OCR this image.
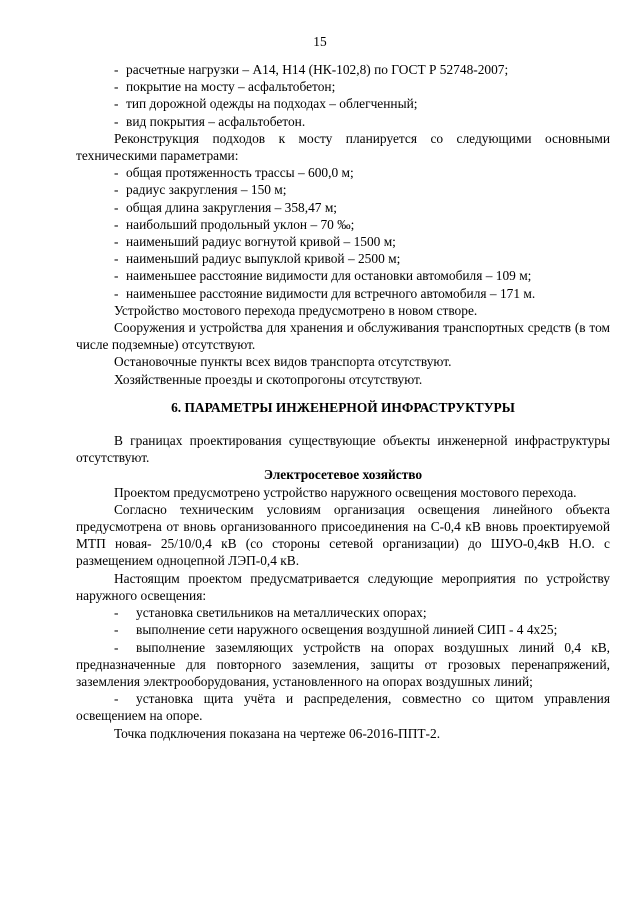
15

- расчетные нагрузки – А14, Н14 (НК-102,8) по ГОСТ Р 52748-2007;

- покрытие на мосту – асфальтобетон;

- тип дорожной одежды на подходах – облегченный;

- вид покрытия – асфальтобетон.

Реконструкция подходов к мосту планируется со следующими основными техническими параметрами:

- общая протяженность трассы – 600,0 м;

- радиус закругления – 150 м;

- общая длина закругления – 358,47 м;

- наибольший продольный уклон – 70 ‰;

- наименьший радиус вогнутой кривой – 1500 м;

- наименьший радиус выпуклой кривой – 2500 м;

- наименьшее расстояние видимости для остановки автомобиля – 109 м;

- наименьшее расстояние видимости для встречного автомобиля – 171 м.

Устройство мостового перехода предусмотрено в новом створе.

Сооружения и устройства для хранения и обслуживания транспортных средств (в том числе подземные) отсутствуют.

Остановочные пункты всех видов транспорта отсутствуют.

Хозяйственные проезды и скотопрогоны отсутствуют.

6. ПАРАМЕТРЫ ИНЖЕНЕРНОЙ ИНФРАСТРУКТУРЫ

В границах проектирования существующие объекты инженерной инфраструктуры отсутствуют.

Электросетевое хозяйство

Проектом предусмотрено устройство наружного освещения мостового перехода.

Согласно техническим условиям организация освещения линейного объекта предусмотрена от вновь организованного присоединения на С-0,4 кВ вновь проектируемой МТП новая- 25/10/0,4 кВ (со стороны сетевой организации) до ШУО-0,4кВ Н.О. с размещением одноцепной ЛЭП-0,4 кВ.

Настоящим проектом предусматривается следующие мероприятия по устройству наружного освещения:

- установка светильников на металлических опорах;

- выполнение сети наружного освещения воздушной линией СИП - 4 4х25;

- выполнение заземляющих устройств на опорах воздушных линий 0,4 кВ, предназначенные для повторного заземления, защиты от грозовых перенапряжений, заземления электрооборудования, установленного на опорах воздушных линий;

- установка щита учёта и распределения, совместно со щитом управления освещением на опоре.

Точка подключения показана на чертеже 06-2016-ППТ-2.
